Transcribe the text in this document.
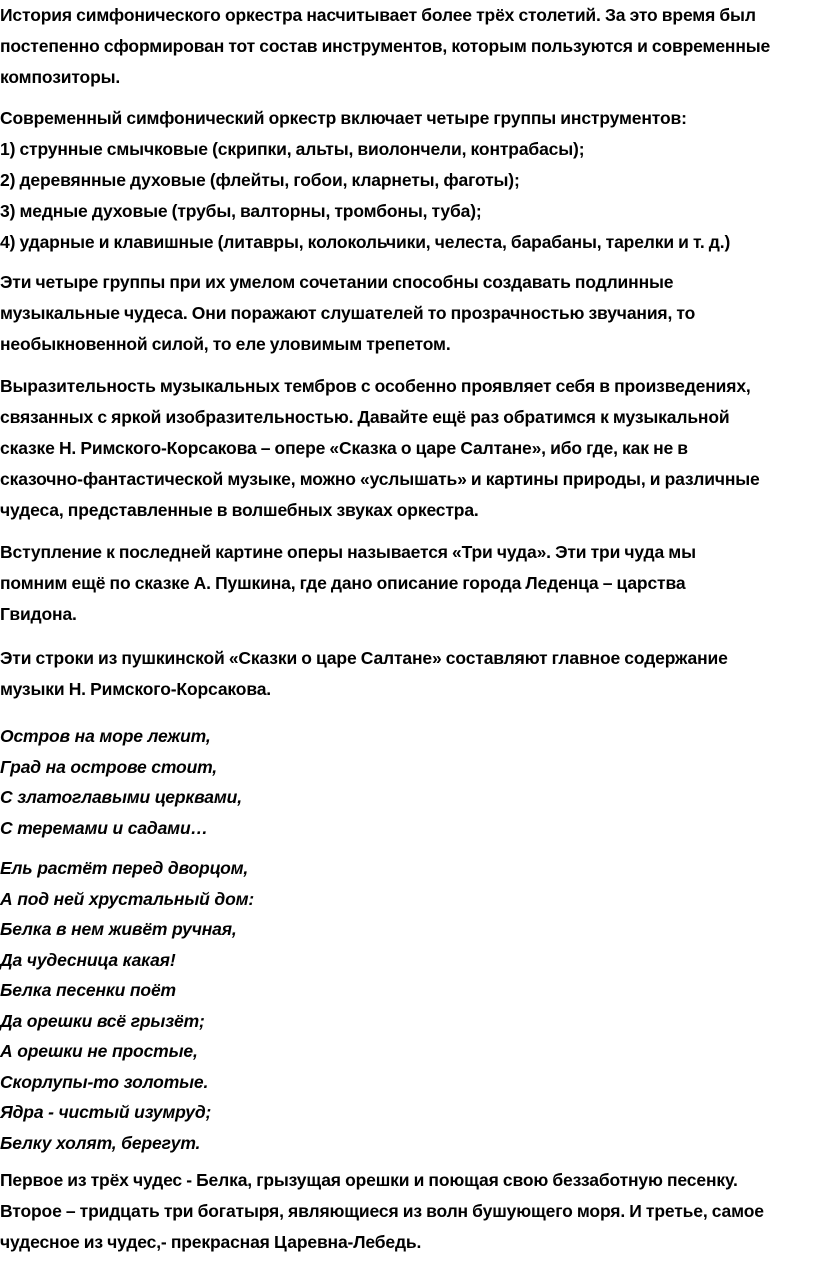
История симфонического оркестра насчитывает более трёх столетий. За это время был
постепенно сформирован тот состав инструментов, которым пользуются и современные
композиторы.

Современный симфонический оркестр включает четыре группы инструментов:
1) струнные смычковые (скрипки, альты, виолончели, контрабасы);
2) деревянные духовые (флейты, гобои, кларнеты, фаготы);
3) медные духовые (трубы, валторны, тромбоны, туба);
4) ударные и клавишные (литавры, колокольчики, челеста, барабаны, тарелки и т. д.)

Эти четыре группы при их умелом сочетании способны создавать подлинные
музыкальные чудеса. Они поражают слушателей то прозрачностью звучания, то
необыкновенной силой, то еле уловимым трепетом.

Выразительность музыкальных тембров с особенно проявляет себя в произведениях,
связанных с яркой изобразительностью. Давайте ещё раз обратимся к музыкальной
сказке Н. Римского-Корсакова – опере «Сказка о царе Салтане», ибо где, как не в
сказочно-фантастической музыке, можно «услышать» и картины природы, и различные
чудеса, представленные в волшебных звуках оркестра.

Вступление к последней картине оперы называется «Три чуда». Эти три чуда мы
помним ещё по сказке А. Пушкина, где дано описание города Леденца – царства
Гвидона.

Эти строки из пушкинской «Сказки о царе Салтане» составляют главное содержание
музыки Н. Римского-Корсакова.

Остров на море лежит,
Град на острове стоит,
С златоглавыми церквами,
С теремами и садами…

Ель растёт перед дворцом,
А под ней хрустальный дом:
Белка в нем живёт ручная,
Да чудесница какая!
Белка песенки поёт
Да орешки всё грызёт;
А орешки не простые,
Скорлупы-то золотые.
Ядра - чистый изумруд;
Белку холят, берегут.

Первое из трёх чудес - Белка, грызущая орешки и поющая свою беззаботную песенку.
Второе – тридцать три богатыря, являющиеся из волн бушующего моря. И третье, самое
чудесное из чудес,- прекрасная Царевна-Лебедь.
